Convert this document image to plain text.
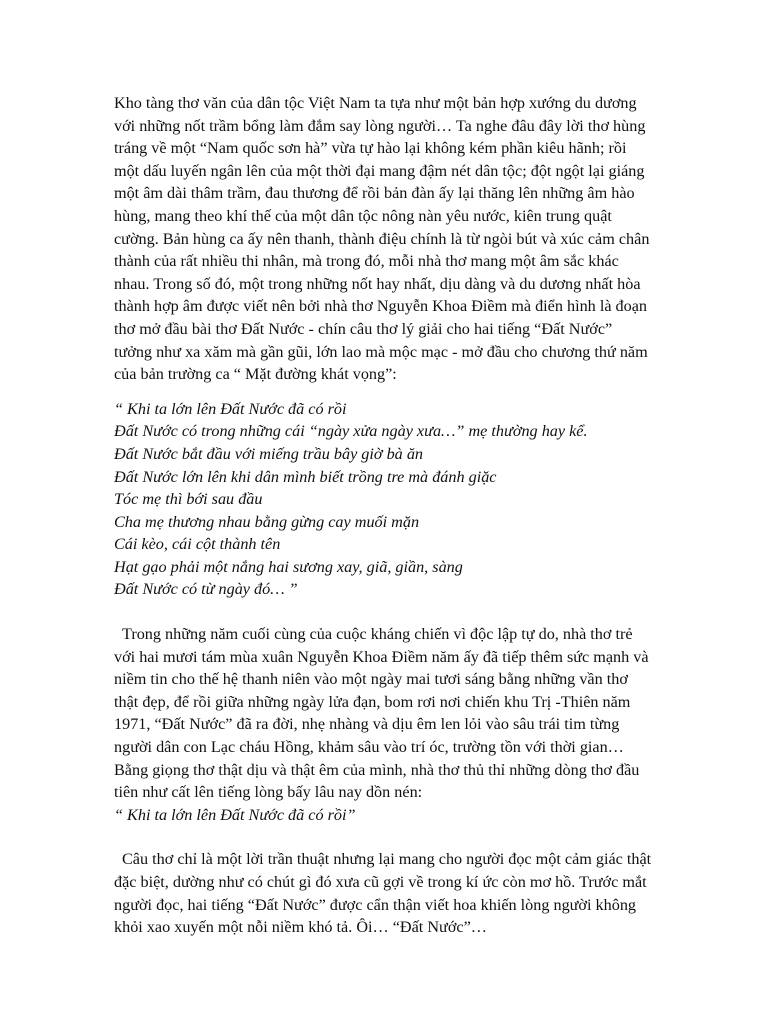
Kho tàng thơ văn của dân tộc Việt Nam ta tựa như một bản hợp xướng du dương với những nốt trầm bổng làm đắm say lòng người… Ta nghe đâu đây lời thơ hùng tráng về một “Nam quốc sơn hà” vừa tự hào lại không kém phần kiêu hãnh; rồi một dấu luyến ngân lên của một thời đại mang đậm nét dân tộc; đột ngột lại giáng một âm dài thâm trầm, đau thương để rồi bản đàn ấy lại thăng lên những âm hào hùng, mang theo khí thế của một dân tộc nông nàn yêu nước, kiên trung quật cường. Bản hùng ca ấy nên thanh, thành điệu chính là từ ngòi bút và xúc cảm chân thành của rất nhiều thi nhân, mà trong đó, mỗi nhà thơ mang một âm sắc khác nhau. Trong số đó, một trong những nốt hay nhất, dịu dàng và du dương nhất hòa thành hợp âm được viết nên bởi nhà thơ Nguyễn Khoa Điềm mà điển hình là đoạn thơ mở đầu bài thơ Đất Nước - chín câu thơ lý giải cho hai tiếng “Đất Nước” tưởng như xa xăm mà gần gũi, lớn lao mà mộc mạc - mở đầu cho chương thứ năm của bản trường ca “ Mặt đường khát vọng”:

“ Khi ta lớn lên Đất Nước đã có rồi
Đất Nước có trong những cái “ngày xửa ngày xưa…” mẹ thường hay kể.
Đất Nước bắt đầu với miếng trầu bây giờ bà ăn
Đất Nước lớn lên khi dân mình biết trồng tre mà đánh giặc
Tóc mẹ thì bới sau đầu
Cha mẹ thương nhau bằng gừng cay muối mặn
Cái kèo, cái cột thành tên
Hạt gạo phải một nắng hai sương xay, giã, giần, sàng
Đất Nước có từ ngày đó… ”

Trong những năm cuối cùng của cuộc kháng chiến vì độc lập tự do, nhà thơ trẻ với hai mươi tám mùa xuân Nguyễn Khoa Điềm năm ấy đã tiếp thêm sức mạnh và niềm tin cho thế hệ thanh niên vào một ngày mai tươi sáng bằng những vần thơ thật đẹp, để rồi giữa những ngày lửa đạn, bom rơi nơi chiến khu Trị -Thiên năm 1971, “Đất Nước” đã ra đời, nhẹ nhàng và dịu êm len lỏi vào sâu trái tim từng người dân con Lạc cháu Hồng, khảm sâu vào trí óc, trường tồn với thời gian…

Bằng giọng thơ thật dịu và thật êm của mình, nhà thơ thủ thỉ những dòng thơ đầu tiên như cất lên tiếng lòng bấy lâu nay dồn nén:

“ Khi ta lớn lên Đất Nước đã có rồi”

Câu thơ chỉ là một lời trần thuật nhưng lại mang cho người đọc một cảm giác thật đặc biệt, dường như có chút gì đó xưa cũ gợi về trong kí ức còn mơ hồ. Trước mắt người đọc, hai tiếng “Đất Nước” được cẩn thận viết hoa khiến lòng người không khỏi xao xuyến một nỗi niềm khó tả. Ôi… “Đất Nước”…
